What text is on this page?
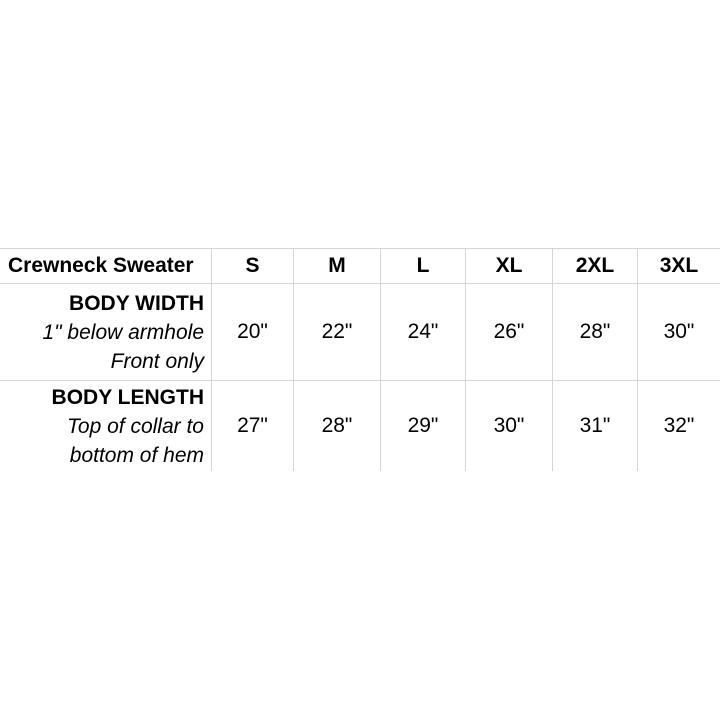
Crewneck Sweater S	M	L	XL	2XL 3XL
BODY WIDTH
1" below armhole
Front only
20"	22"	24"	26"	28"	30"
BODY LENGTH
Top of collar to
bottom of hem
27"	28"	29"	30"	31"	32"
